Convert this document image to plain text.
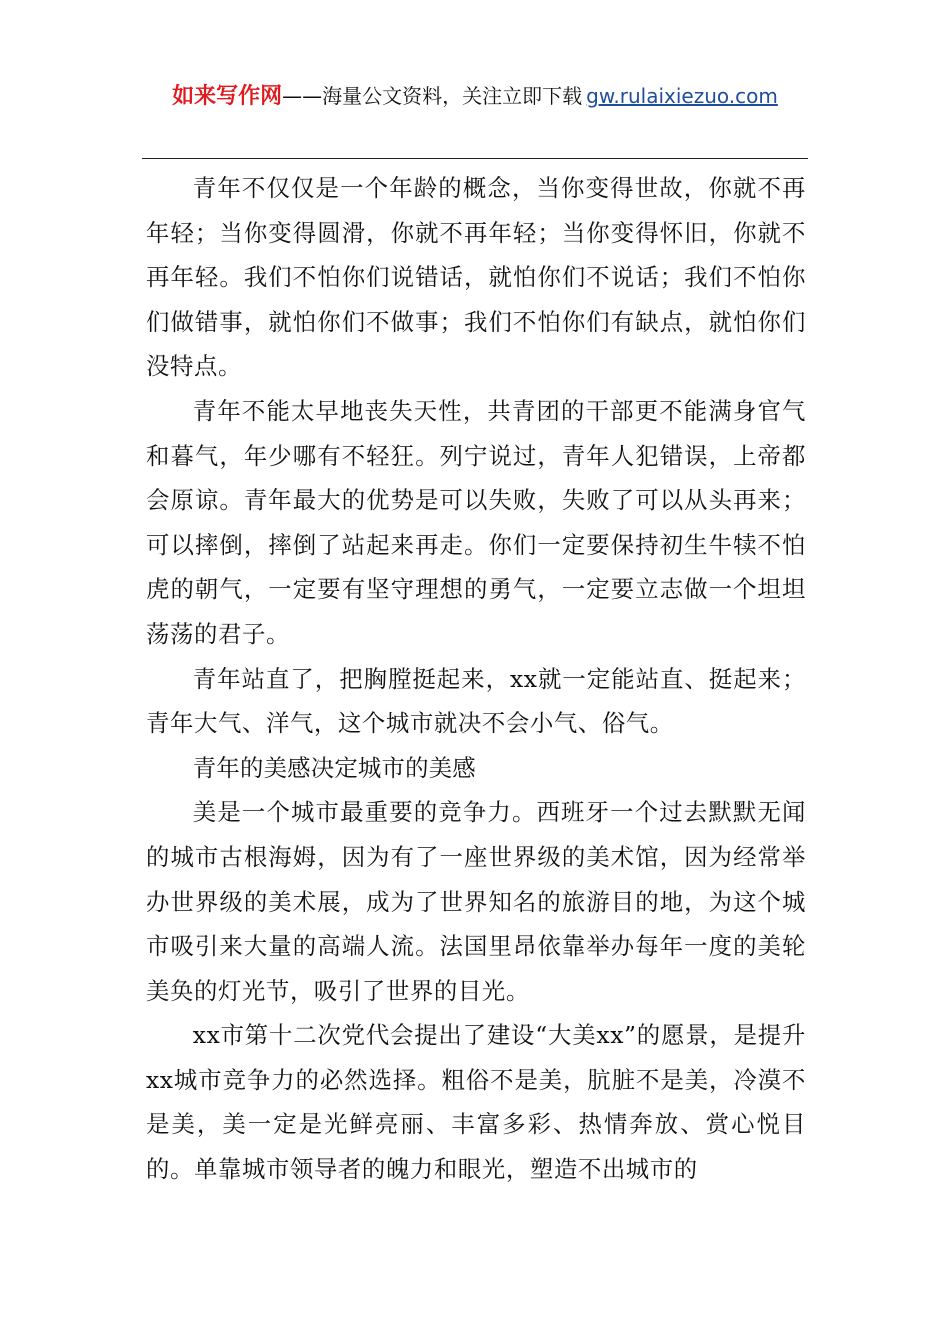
如来写作网——海量公文资料，关注立即下载 gw.rulaixiezuo.com

青年不仅仅是一个年龄的概念，当你变得世故，你就不再年轻；当你变得圆滑，你就不再年轻；当你变得怀旧，你就不再年轻。我们不怕你们说错话，就怕你们不说话；我们不怕你们做错事，就怕你们不做事；我们不怕你们有缺点，就怕你们没特点。

青年不能太早地丧失天性，共青团的干部更不能满身官气和暮气，年少哪有不轻狂。列宁说过，青年人犯错误，上帝都会原谅。青年最大的优势是可以失败，失败了可以从头再来；可以摔倒，摔倒了站起来再走。你们一定要保持初生牛犊不怕虎的朝气，一定要有坚守理想的勇气，一定要立志做一个坦坦荡荡的君子。

青年站直了，把胸膛挺起来，xx就一定能站直、挺起来；青年大气、洋气，这个城市就决不会小气、俗气。

青年的美感决定城市的美感

美是一个城市最重要的竞争力。西班牙一个过去默默无闻的城市古根海姆，因为有了一座世界级的美术馆，因为经常举办世界级的美术展，成为了世界知名的旅游目的地，为这个城市吸引来大量的高端人流。法国里昂依靠举办每年一度的美轮美奂的灯光节，吸引了世界的目光。

xx市第十二次党代会提出了建设“大美xx”的愿景，是提升xx城市竞争力的必然选择。粗俗不是美，肮脏不是美，冷漠不是美，美一定是光鲜亮丽、丰富多彩、热情奔放、赏心悦目的。单靠城市领导者的魄力和眼光，塑造不出城市的
